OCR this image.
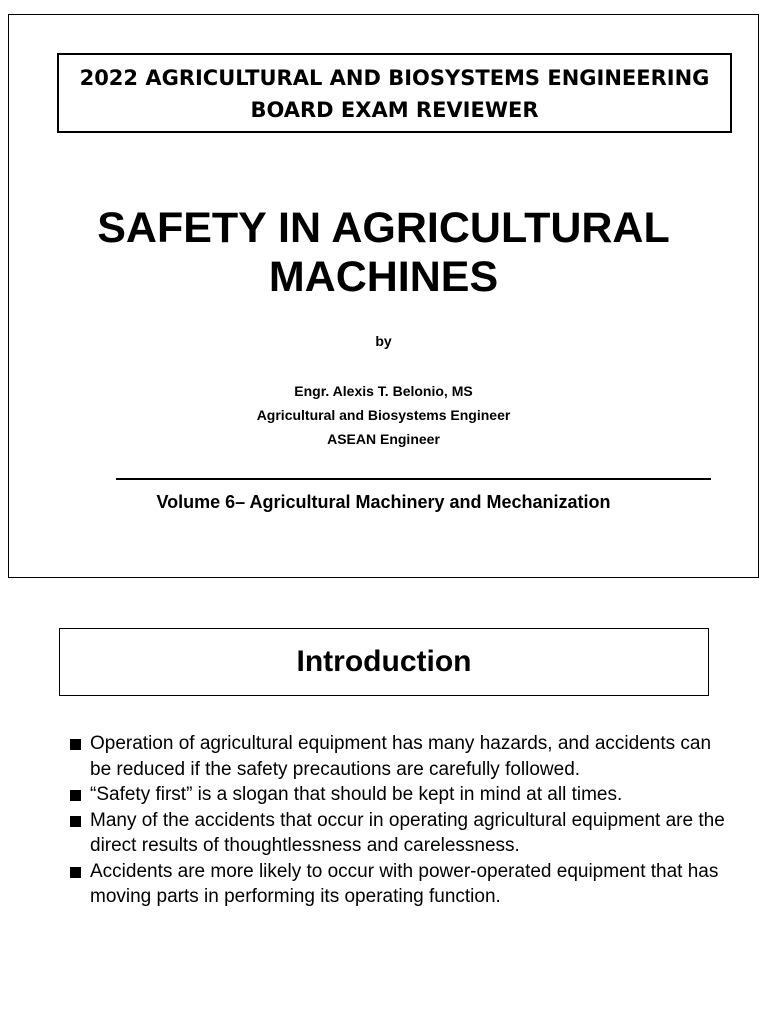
2022 AGRICULTURAL AND BIOSYSTEMS ENGINEERING
BOARD EXAM REVIEWER
SAFETY IN AGRICULTURAL
MACHINES
by
Engr. Alexis T. Belonio, MS
Agricultural and Biosystems Engineer
ASEAN Engineer
Volume 6– Agricultural Machinery and Mechanization
Introduction
Operation of agricultural equipment has many hazards, and accidents can be reduced if the safety precautions are carefully followed.
“Safety first” is a slogan that should be kept in mind at all times.
Many of the accidents that occur in operating agricultural equipment are the direct results of thoughtlessness and carelessness.
Accidents are more likely to occur with power-operated equipment that has moving parts in performing its operating function.
